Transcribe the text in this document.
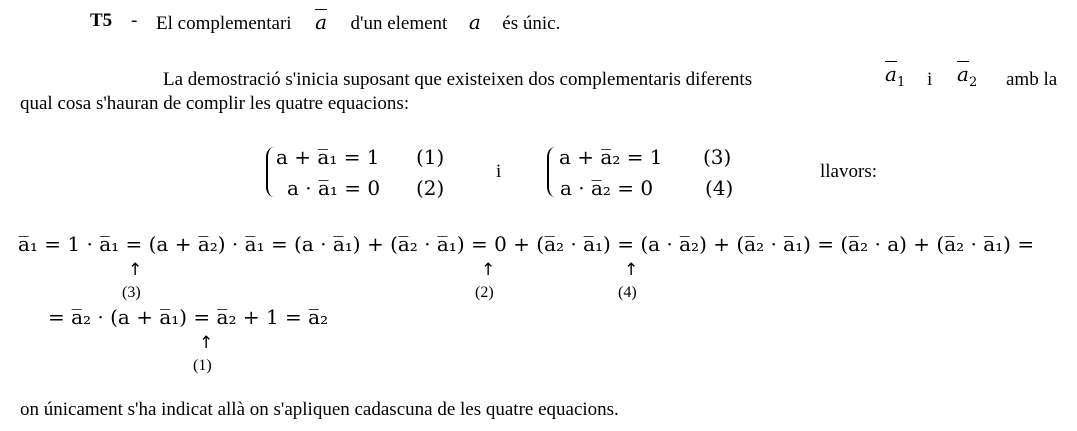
T5 - El complementari $\overline{a}$ d'un element a és únic.
La demostració s'inicia suposant que existeixen dos complementaris diferents	$\overline{a}_1$ i $\overline{a}_2$ amb la
qual cosa s'hauran de complir les quatre equacions:
a + a̅₁ = 1 (1)
a · a̅₁ = 0 (2)
i
a + a̅₂ = 1 (3)
a · a̅₂ = 0	(4)
llavors:
a̅₁ = 1 · a̅₁ = (a + a̅₂) · a̅₁ = (a · a̅₁) + (a̅₂ · a̅₁) = 0 + (a̅₂ · a̅₁) = (a · a̅₂) + (a̅₂ · a̅₁) = (a̅₂ · a) + (a̅₂ · a̅₁) =
↑
(3)
↑
(2)
↑
(4)
= a̅₂ · (a + a̅₁) = a̅₂ + 1 = a̅₂
↑
(1)
on únicament s'ha indicat allà on s'apliquen cadascuna de les quatre equacions.
